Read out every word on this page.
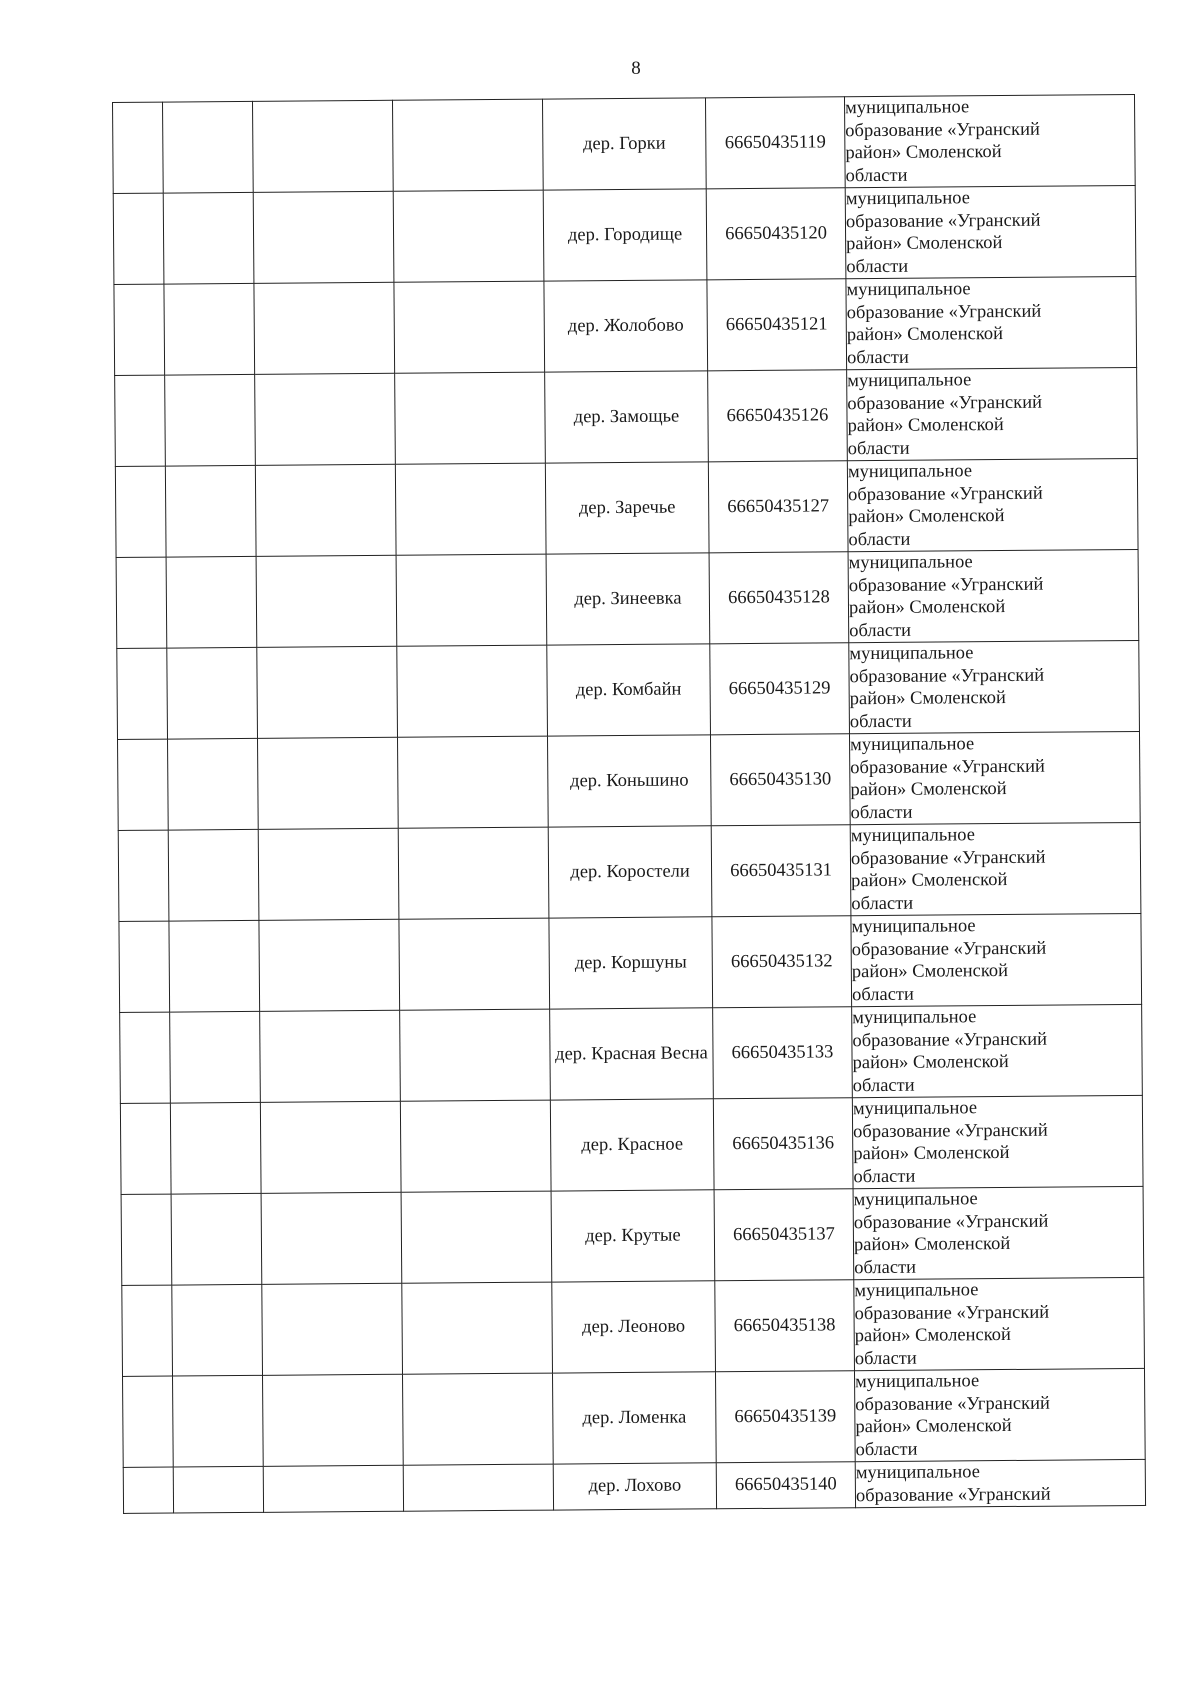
8
				дер. Горки	66650435119	муниципальное
образование «Угранский
район» Смоленской
области

				дер. Городище	66650435120	муниципальное
образование «Угранский
район» Смоленской
области

				дер. Жолобово	66650435121	муниципальное
образование «Угранский
район» Смоленской
области

				дер. Замощье	66650435126	муниципальное
образование «Угранский
район» Смоленской
области

				дер. Заречье	66650435127	муниципальное
образование «Угранский
район» Смоленской
области

				дер. Зинеевка	66650435128	муниципальное
образование «Угранский
район» Смоленской
области

				дер. Комбайн	66650435129	муниципальное
образование «Угранский
район» Смоленской
области

				дер. Коньшино	66650435130	муниципальное
образование «Угранский
район» Смоленской
области

				дер. Коростели	66650435131	муниципальное
образование «Угранский
район» Смоленской
области

				дер. Коршуны	66650435132	муниципальное
образование «Угранский
район» Смоленской
области

				дер. Красная Весна	66650435133	муниципальное
образование «Угранский
район» Смоленской
области

				дер. Красное	66650435136	муниципальное
образование «Угранский
район» Смоленской
области

				дер. Крутые	66650435137	муниципальное
образование «Угранский
район» Смоленской
области

				дер. Леоново	66650435138	муниципальное
образование «Угранский
район» Смоленской
области

				дер. Ломенка	66650435139	муниципальное
образование «Угранский
район» Смоленской
области

				дер. Лохово	66650435140	муниципальное
образование «Угранский
